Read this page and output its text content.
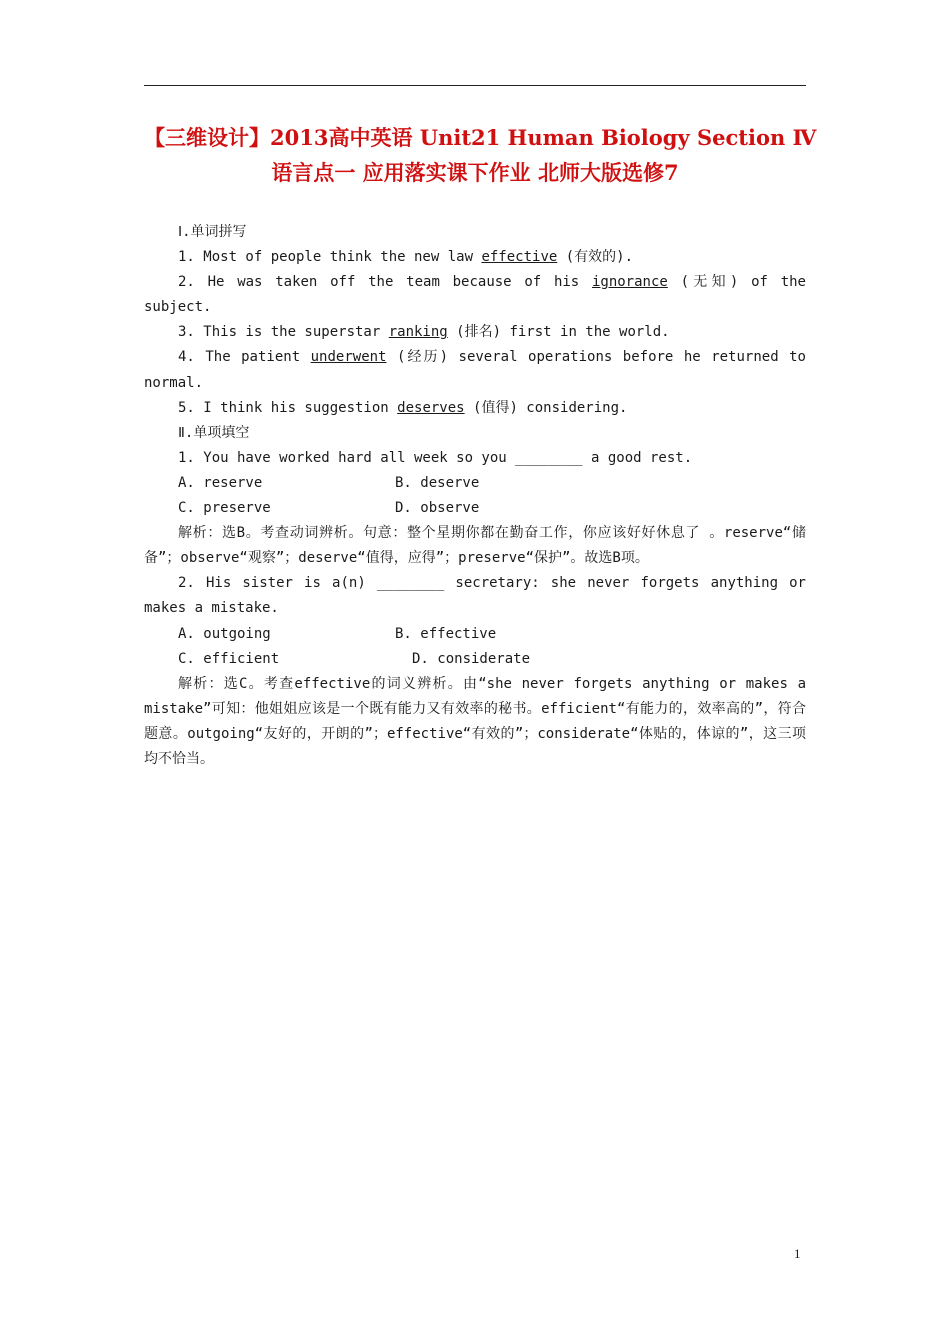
【三维设计】2013高中英语 Unit21 Human Biology Section Ⅳ
语言点一 应用落实课下作业 北师大版选修7

Ⅰ.单词拼写

1. Most of people think the new law effective (有效的).

2. He was taken off the team because of his ignorance (无知) of the subject.

3. This is the superstar ranking (排名) first in the world.

4. The patient underwent (经历) several operations before he returned to normal.

5. I think his suggestion deserves (值得) considering.

Ⅱ.单项填空

1. You have worked hard all week so you ________ a good rest.

A. reserve	B. deserve
C. preserve	D. observe

解析：选B。考查动词辨析。句意：整个星期你都在勤奋工作，你应该好好休息了 。reserve“储备”；observe“观察”；deserve“值得，应得”；preserve“保护”。故选B项。

2. His sister is a(n) ________ secretary: she never forgets anything or makes a mistake.

A. outgoing	B. effective
C. efficient	D. considerate

解析：选C。考查effective的词义辨析。由“she never forgets anything or makes a mistake”可知：他姐姐应该是一个既有能力又有效率的秘书。efficient“有能力的，效率高的”，符合题意。outgoing“友好的，开朗的”；effective“有效的”；considerate“体贴的，体谅的”，这三项均不恰当。

1
